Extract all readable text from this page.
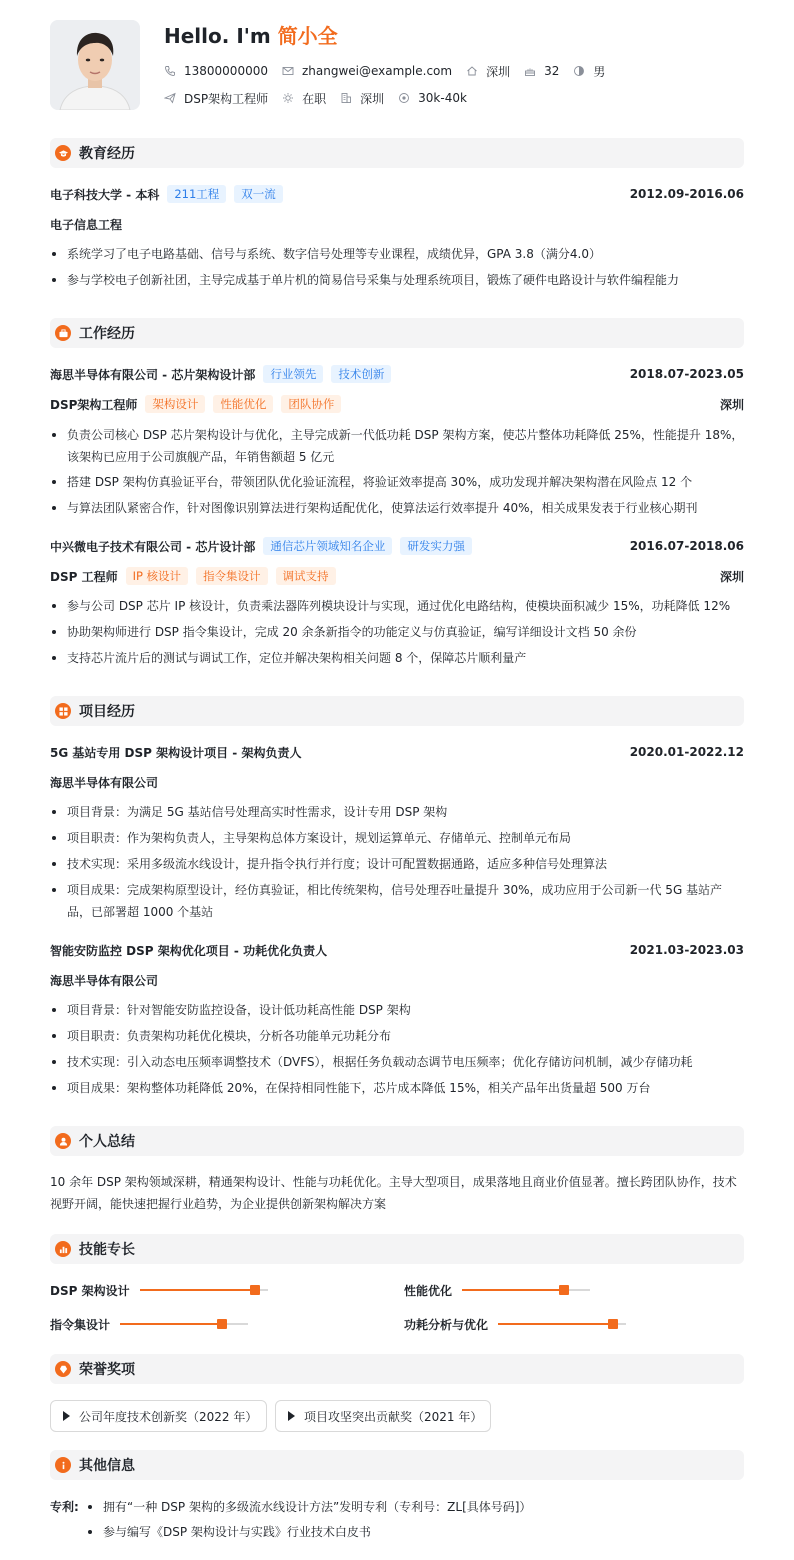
Hello. I'm 简小全
13800000000	zhangwei@example.com	深圳	32	男
DSP架构工程师	在职	深圳	30k-40k
教育经历
电子科技大学 - 本科	211工程	双一流	2012.09-2016.06
电子信息工程
系统学习了电子电路基础、信号与系统、数字信号处理等专业课程，成绩优异，GPA 3.8（满分4.0）
参与学校电子创新社团，主导完成基于单片机的简易信号采集与处理系统项目，锻炼了硬件电路设计与软件编程能力
工作经历
海思半导体有限公司 - 芯片架构设计部	行业领先	技术创新	2018.07-2023.05
DSP架构工程师	架构设计	性能优化	团队协作	深圳
负责公司核心 DSP 芯片架构设计与优化，主导完成新一代低功耗 DSP 架构方案，使芯片整体功耗降低 25%，性能提升 18%，该架构已应用于公司旗舰产品，年销售额超 5 亿元
搭建 DSP 架构仿真验证平台，带领团队优化验证流程，将验证效率提高 30%，成功发现并解决架构潜在风险点 12 个
与算法团队紧密合作，针对图像识别算法进行架构适配优化，使算法运行效率提升 40%，相关成果发表于行业核心期刊
中兴微电子技术有限公司 - 芯片设计部	通信芯片领域知名企业	研发实力强	2016.07-2018.06
DSP 工程师	IP 核设计	指令集设计	调试支持	深圳
参与公司 DSP 芯片 IP 核设计，负责乘法器阵列模块设计与实现，通过优化电路结构，使模块面积减少 15%，功耗降低 12%
协助架构师进行 DSP 指令集设计，完成 20 余条新指令的功能定义与仿真验证，编写详细设计文档 50 余份
支持芯片流片后的测试与调试工作，定位并解决架构相关问题 8 个，保障芯片顺利量产
项目经历
5G 基站专用 DSP 架构设计项目 - 架构负责人	2020.01-2022.12
海思半导体有限公司
项目背景：为满足 5G 基站信号处理高实时性需求，设计专用 DSP 架构
项目职责：作为架构负责人，主导架构总体方案设计，规划运算单元、存储单元、控制单元布局
技术实现：采用多级流水线设计，提升指令执行并行度；设计可配置数据通路，适应多种信号处理算法
项目成果：完成架构原型设计，经仿真验证，相比传统架构，信号处理吞吐量提升 30%，成功应用于公司新一代 5G 基站产品，已部署超 1000 个基站
智能安防监控 DSP 架构优化项目 - 功耗优化负责人	2021.03-2023.03
海思半导体有限公司
项目背景：针对智能安防监控设备，设计低功耗高性能 DSP 架构
项目职责：负责架构功耗优化模块，分析各功能单元功耗分布
技术实现：引入动态电压频率调整技术（DVFS），根据任务负载动态调节电压频率；优化存储访问机制，减少存储功耗
项目成果：架构整体功耗降低 20%，在保持相同性能下，芯片成本降低 15%，相关产品年出货量超 500 万台
个人总结
10 余年 DSP 架构领域深耕，精通架构设计、性能与功耗优化。主导大型项目，成果落地且商业价值显著。擅长跨团队协作，技术视野开阔，能快速把握行业趋势，为企业提供创新架构解决方案
技能专长
DSP 架构设计	性能优化
指令集设计	功耗分析与优化
荣誉奖项
公司年度技术创新奖（2022 年）	项目攻坚突出贡献奖（2021 年）
其他信息
专利:	拥有“一种 DSP 架构的多级流水线设计方法”发明专利（专利号：ZL[具体号码]）
参与编写《DSP 架构设计与实践》行业技术白皮书
